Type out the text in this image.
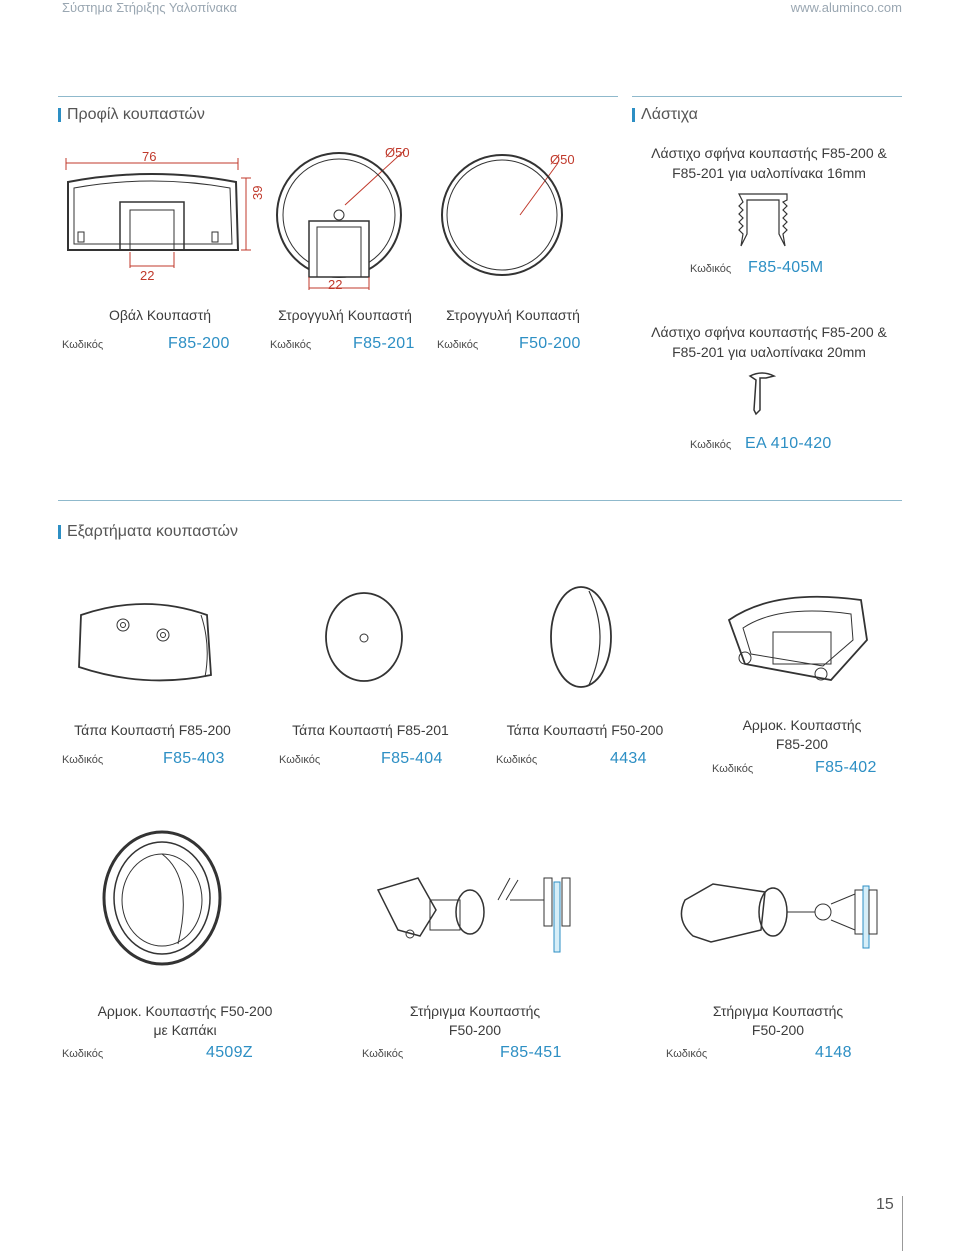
Σύστημα Στήριξης Υαλοπίνακα	www.aluminco.com
Προφίλ κουπαστών	Λάστιχα
76
39
22
Ø50
22
Ø50
Οβάλ Κουπαστή
Κωδικός	F85-200
Στρογγυλή Κουπαστή
Κωδικός	F85-201
Στρογγυλή Κουπαστή
Κωδικός	F50-200
Λάστιχο σφήνα κουπαστής F85-200 &
F85-201 για υαλοπίνακα 16mm
Κωδικός F85-405M
Λάστιχο σφήνα κουπαστής F85-200 &
F85-201 για υαλοπίνακα 20mm
Κωδικός EA 410-420
Εξαρτήματα κουπαστών
Τάπα Κουπαστή F85-200
Κωδικός	F85-403
Τάπα Κουπαστή F85-201
Κωδικός	F85-404
Τάπα Κουπαστή F50-200
Κωδικός	4434
Αρμοκ. Κουπαστής
F85-200
Κωδικός	F85-402
Αρμοκ. Κουπαστής F50-200
με Καπάκι
Κωδικός	4509Z
Στήριγμα Κουπαστής
F50-200
Κωδικός	F85-451
Στήριγμα Κουπαστής
F50-200
Κωδικός	4148
15
